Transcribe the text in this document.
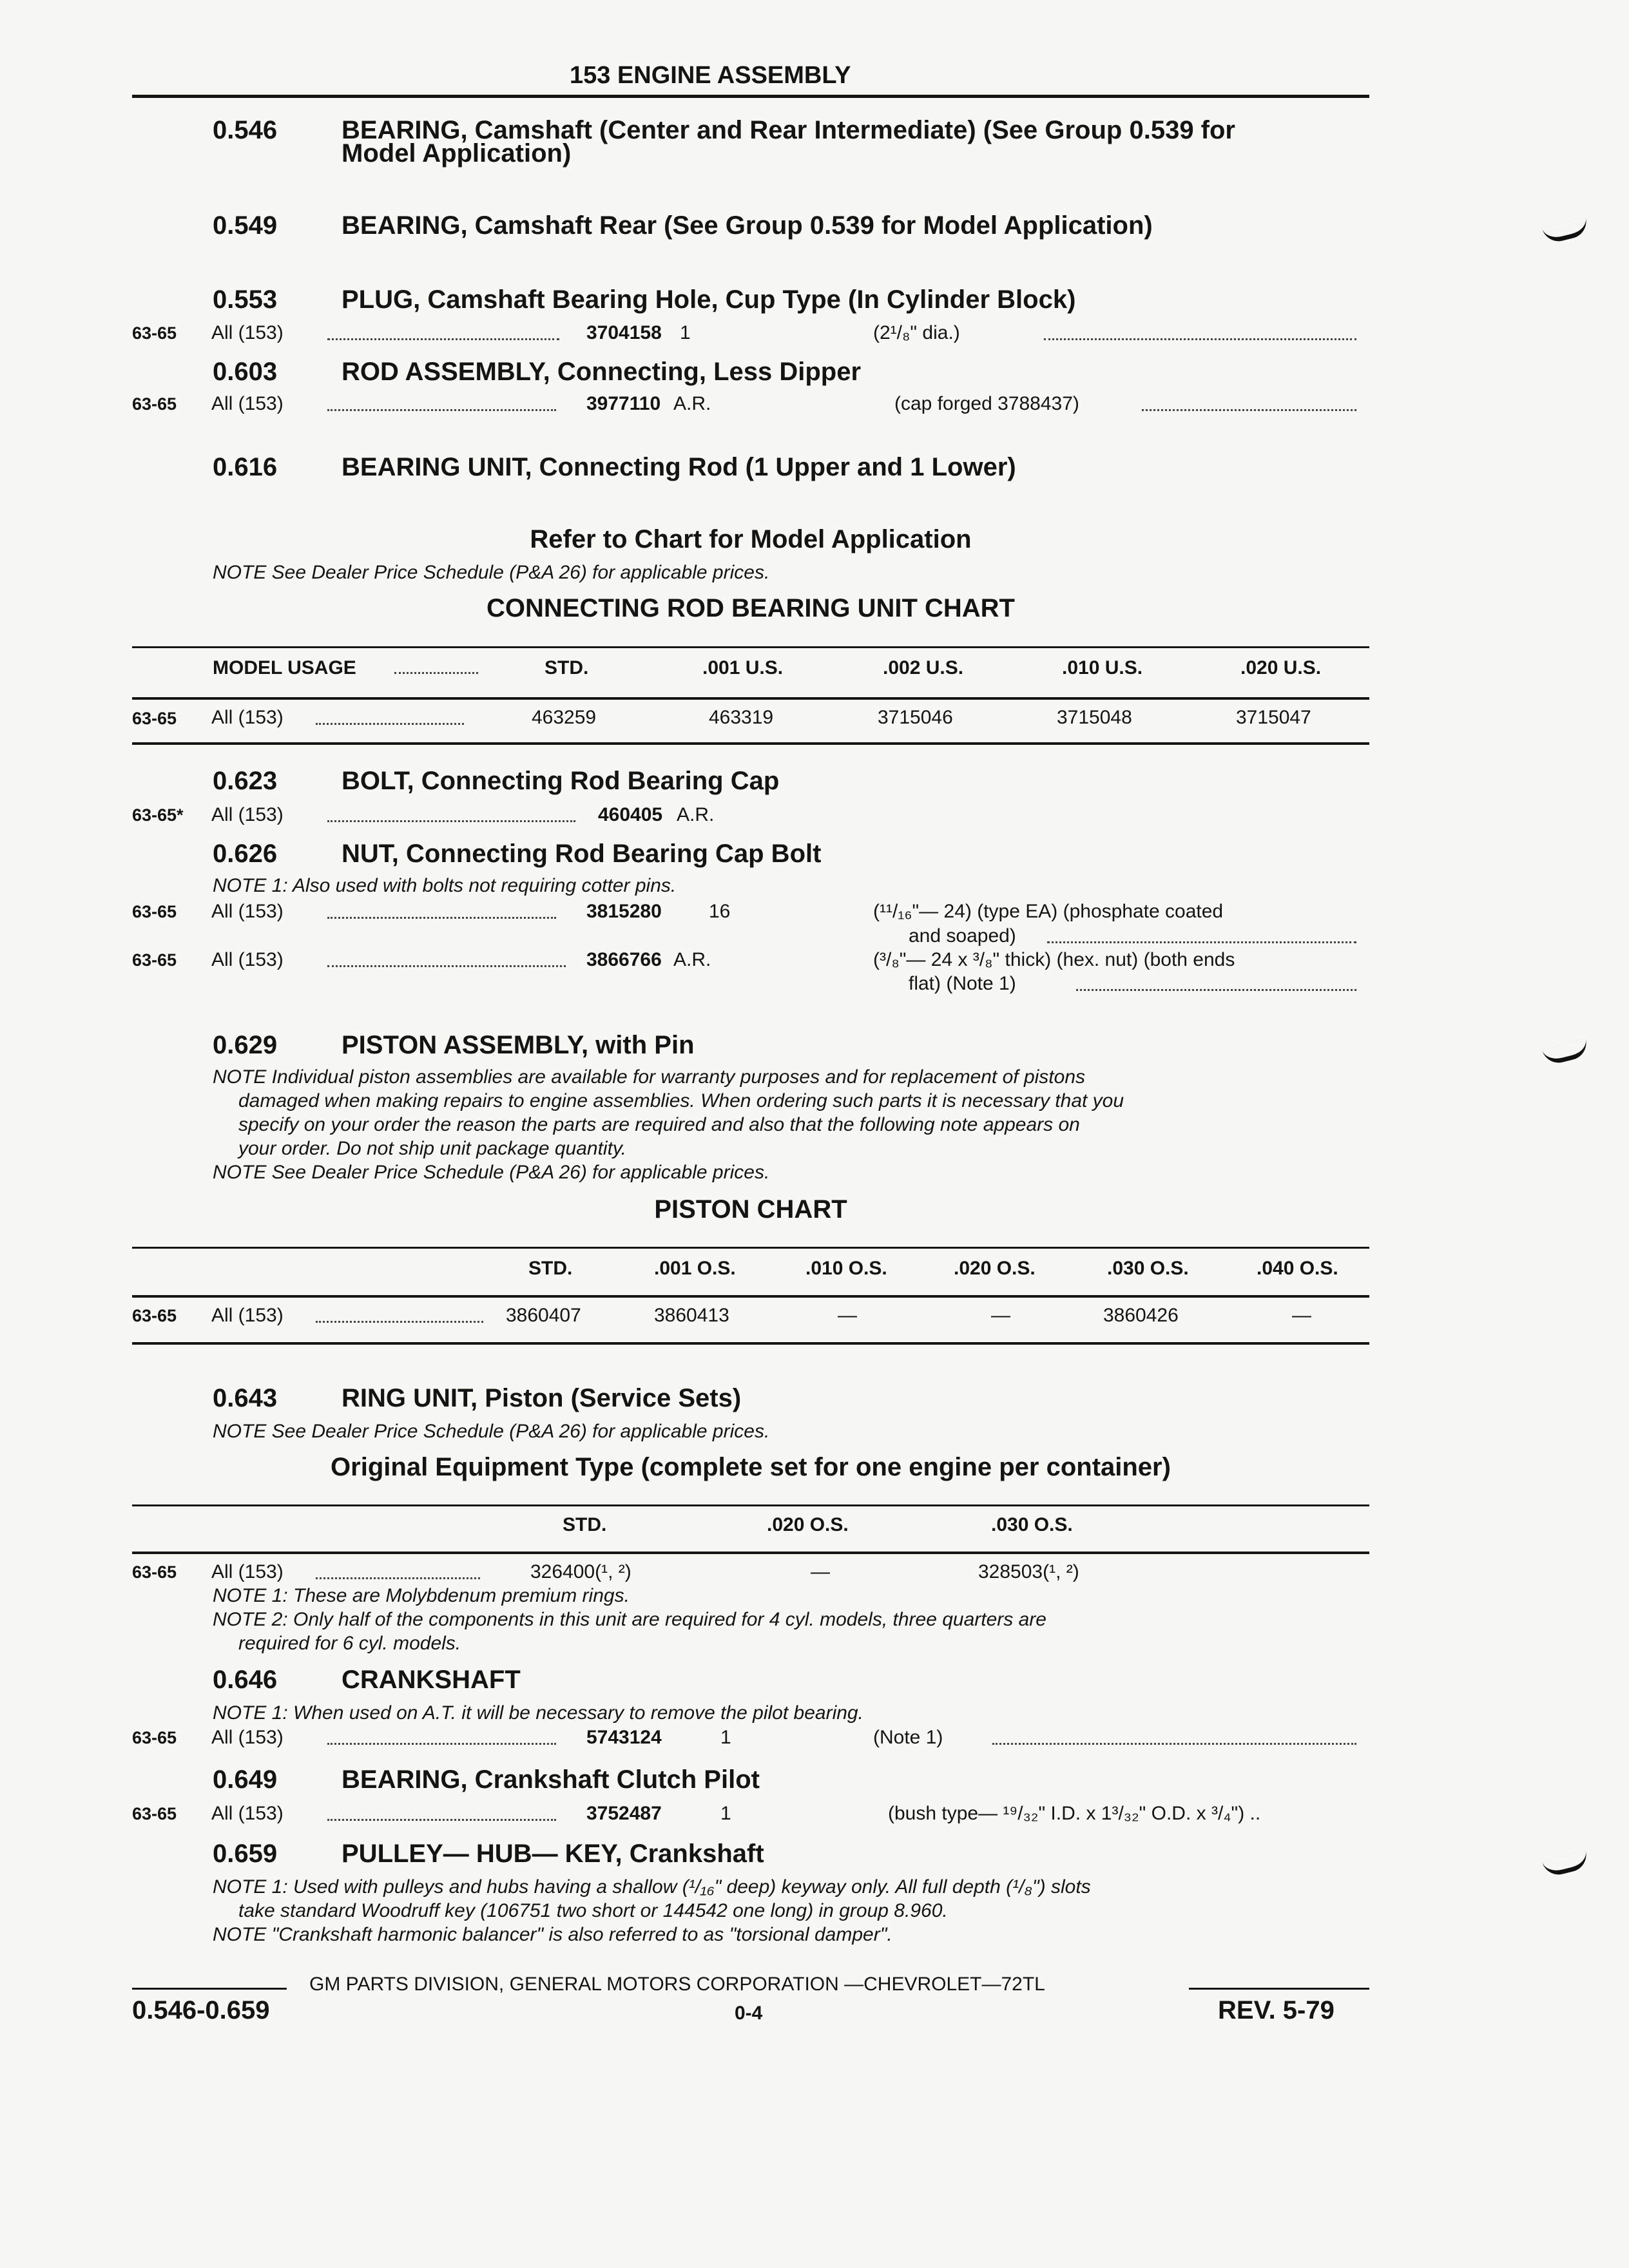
153 ENGINE ASSEMBLY
0.546 BEARING, Camshaft (Center and Rear Intermediate) (See Group 0.539 for
Model Application)
0.549 BEARING, Camshaft Rear (See Group 0.539 for Model Application)
0.553 PLUG, Camshaft Bearing Hole, Cup Type (In Cylinder Block)
63-65 All (153)	3704158 1	(2¹/₈" dia.)
0.603 ROD ASSEMBLY, Connecting, Less Dipper
63-65 All (153)	3977110 A.R.	(cap forged 3788437)
0.616 BEARING UNIT, Connecting Rod (1 Upper and 1 Lower)
Refer to Chart for Model Application
NOTE See Dealer Price Schedule (P&A 26) for applicable prices.
CONNECTING ROD BEARING UNIT CHART
MODEL USAGE	STD.	.001 U.S.	.002 U.S.	.010 U.S.	.020 U.S.
63-65 All (153)	463259	463319	3715046	3715048	3715047
0.623 BOLT, Connecting Rod Bearing Cap
63-65* All (153)	460405 A.R.
0.626 NUT, Connecting Rod Bearing Cap Bolt
NOTE 1: Also used with bolts not requiring cotter pins.
63-65 All (153)	3815280 16	(¹¹/₁₆"— 24) (type EA) (phosphate coated
and soaped)
63-65 All (153)	3866766 A.R.	(³/₈"— 24 x ³/₈" thick) (hex. nut) (both ends
flat) (Note 1)
0.629 PISTON ASSEMBLY, with Pin
NOTE Individual piston assemblies are available for warranty purposes and for replacement of pistons
damaged when making repairs to engine assemblies. When ordering such parts it is necessary that you
specify on your order the reason the parts are required and also that the following note appears on
your order. Do not ship unit package quantity.
NOTE See Dealer Price Schedule (P&A 26) for applicable prices.
PISTON CHART
STD.	.001 O.S.	.010 O.S.	.020 O.S.	.030 O.S.	.040 O.S.
63-65 All (153)	3860407	3860413	—	—	3860426	—
0.643 RING UNIT, Piston (Service Sets)
NOTE See Dealer Price Schedule (P&A 26) for applicable prices.
Original Equipment Type (complete set for one engine per container)
STD.	.020 O.S.	.030 O.S.
63-65 All (153)	326400(¹, ²)	—	328503(¹, ²)
NOTE 1: These are Molybdenum premium rings.
NOTE 2: Only half of the components in this unit are required for 4 cyl. models, three quarters are
required for 6 cyl. models.
0.646 CRANKSHAFT
NOTE 1: When used on A.T. it will be necessary to remove the pilot bearing.
63-65 All (153)	5743124	1	(Note 1)
0.649 BEARING, Crankshaft Clutch Pilot
63-65 All (153)	3752487	1	(bush type— ¹⁹/₃₂" I.D. x 1³/₃₂" O.D. x ³/₄") ..
0.659 PULLEY— HUB— KEY, Crankshaft
NOTE 1: Used with pulleys and hubs having a shallow (¹/₁₆" deep) keyway only. All full depth (¹/₈") slots
take standard Woodruff key (106751 two short or 144542 one long) in group 8.960.
NOTE "Crankshaft harmonic balancer" is also referred to as "torsional damper".
GM PARTS DIVISION, GENERAL MOTORS CORPORATION —CHEVROLET—72TL
0.546-0.659	0-4	REV. 5-79
